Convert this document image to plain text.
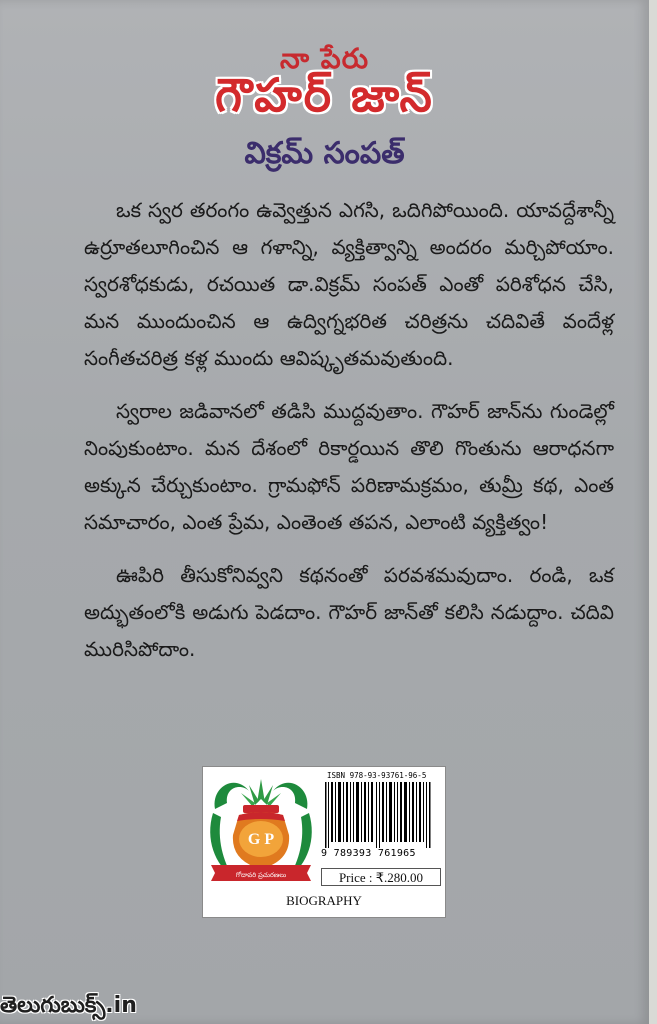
నా పేరు
గౌహర్ జాన్
విక్రమ్ సంపత్

ఒక స్వర తరంగం ఉవ్వెత్తున ఎగసి, ఒదిగిపోయింది. యావద్దేశాన్నీ ఉర్రూతలూగించిన ఆ గళాన్ని, వ్యక్తిత్వాన్ని అందరం మర్చిపోయాం. స్వరశోధకుడు, రచయిత డా.విక్రమ్ సంపత్ ఎంతో పరిశోధన చేసి, మన ముందుంచిన ఆ ఉద్విగ్నభరిత చరిత్రను చదివితే వందేళ్ల సంగీతచరిత్ర కళ్ల ముందు ఆవిష్కృతమవుతుంది.

స్వరాల జడివానలో తడిసి ముద్దవుతాం. గౌహర్ జాన్‌ను గుండెల్లో నింపుకుంటాం. మన దేశంలో రికార్డయిన తొలి గొంతును ఆరాధనగా అక్కున చేర్చుకుంటాం. గ్రామఫోన్ పరిణామక్రమం, తుమ్రీ కథ, ఎంత సమాచారం, ఎంత ప్రేమ, ఎంతెంత తపన, ఎలాంటి వ్యక్తిత్వం!

ఊపిరి తీసుకోనివ్వని కథనంతో పరవశమవుదాం. రండి, ఒక అద్భుతంలోకి అడుగు పెడదాం. గౌహర్ జాన్‌తో కలిసి నడుద్దాం. చదివి మురిసిపోదాం.

G P
గోదావరి ప్రచురణలు
ISBN 978-93-93761-96-5
9 789393 761965
Price : ₹.280.00
BIOGRAPHY
తెలుగుబుక్స్.in
